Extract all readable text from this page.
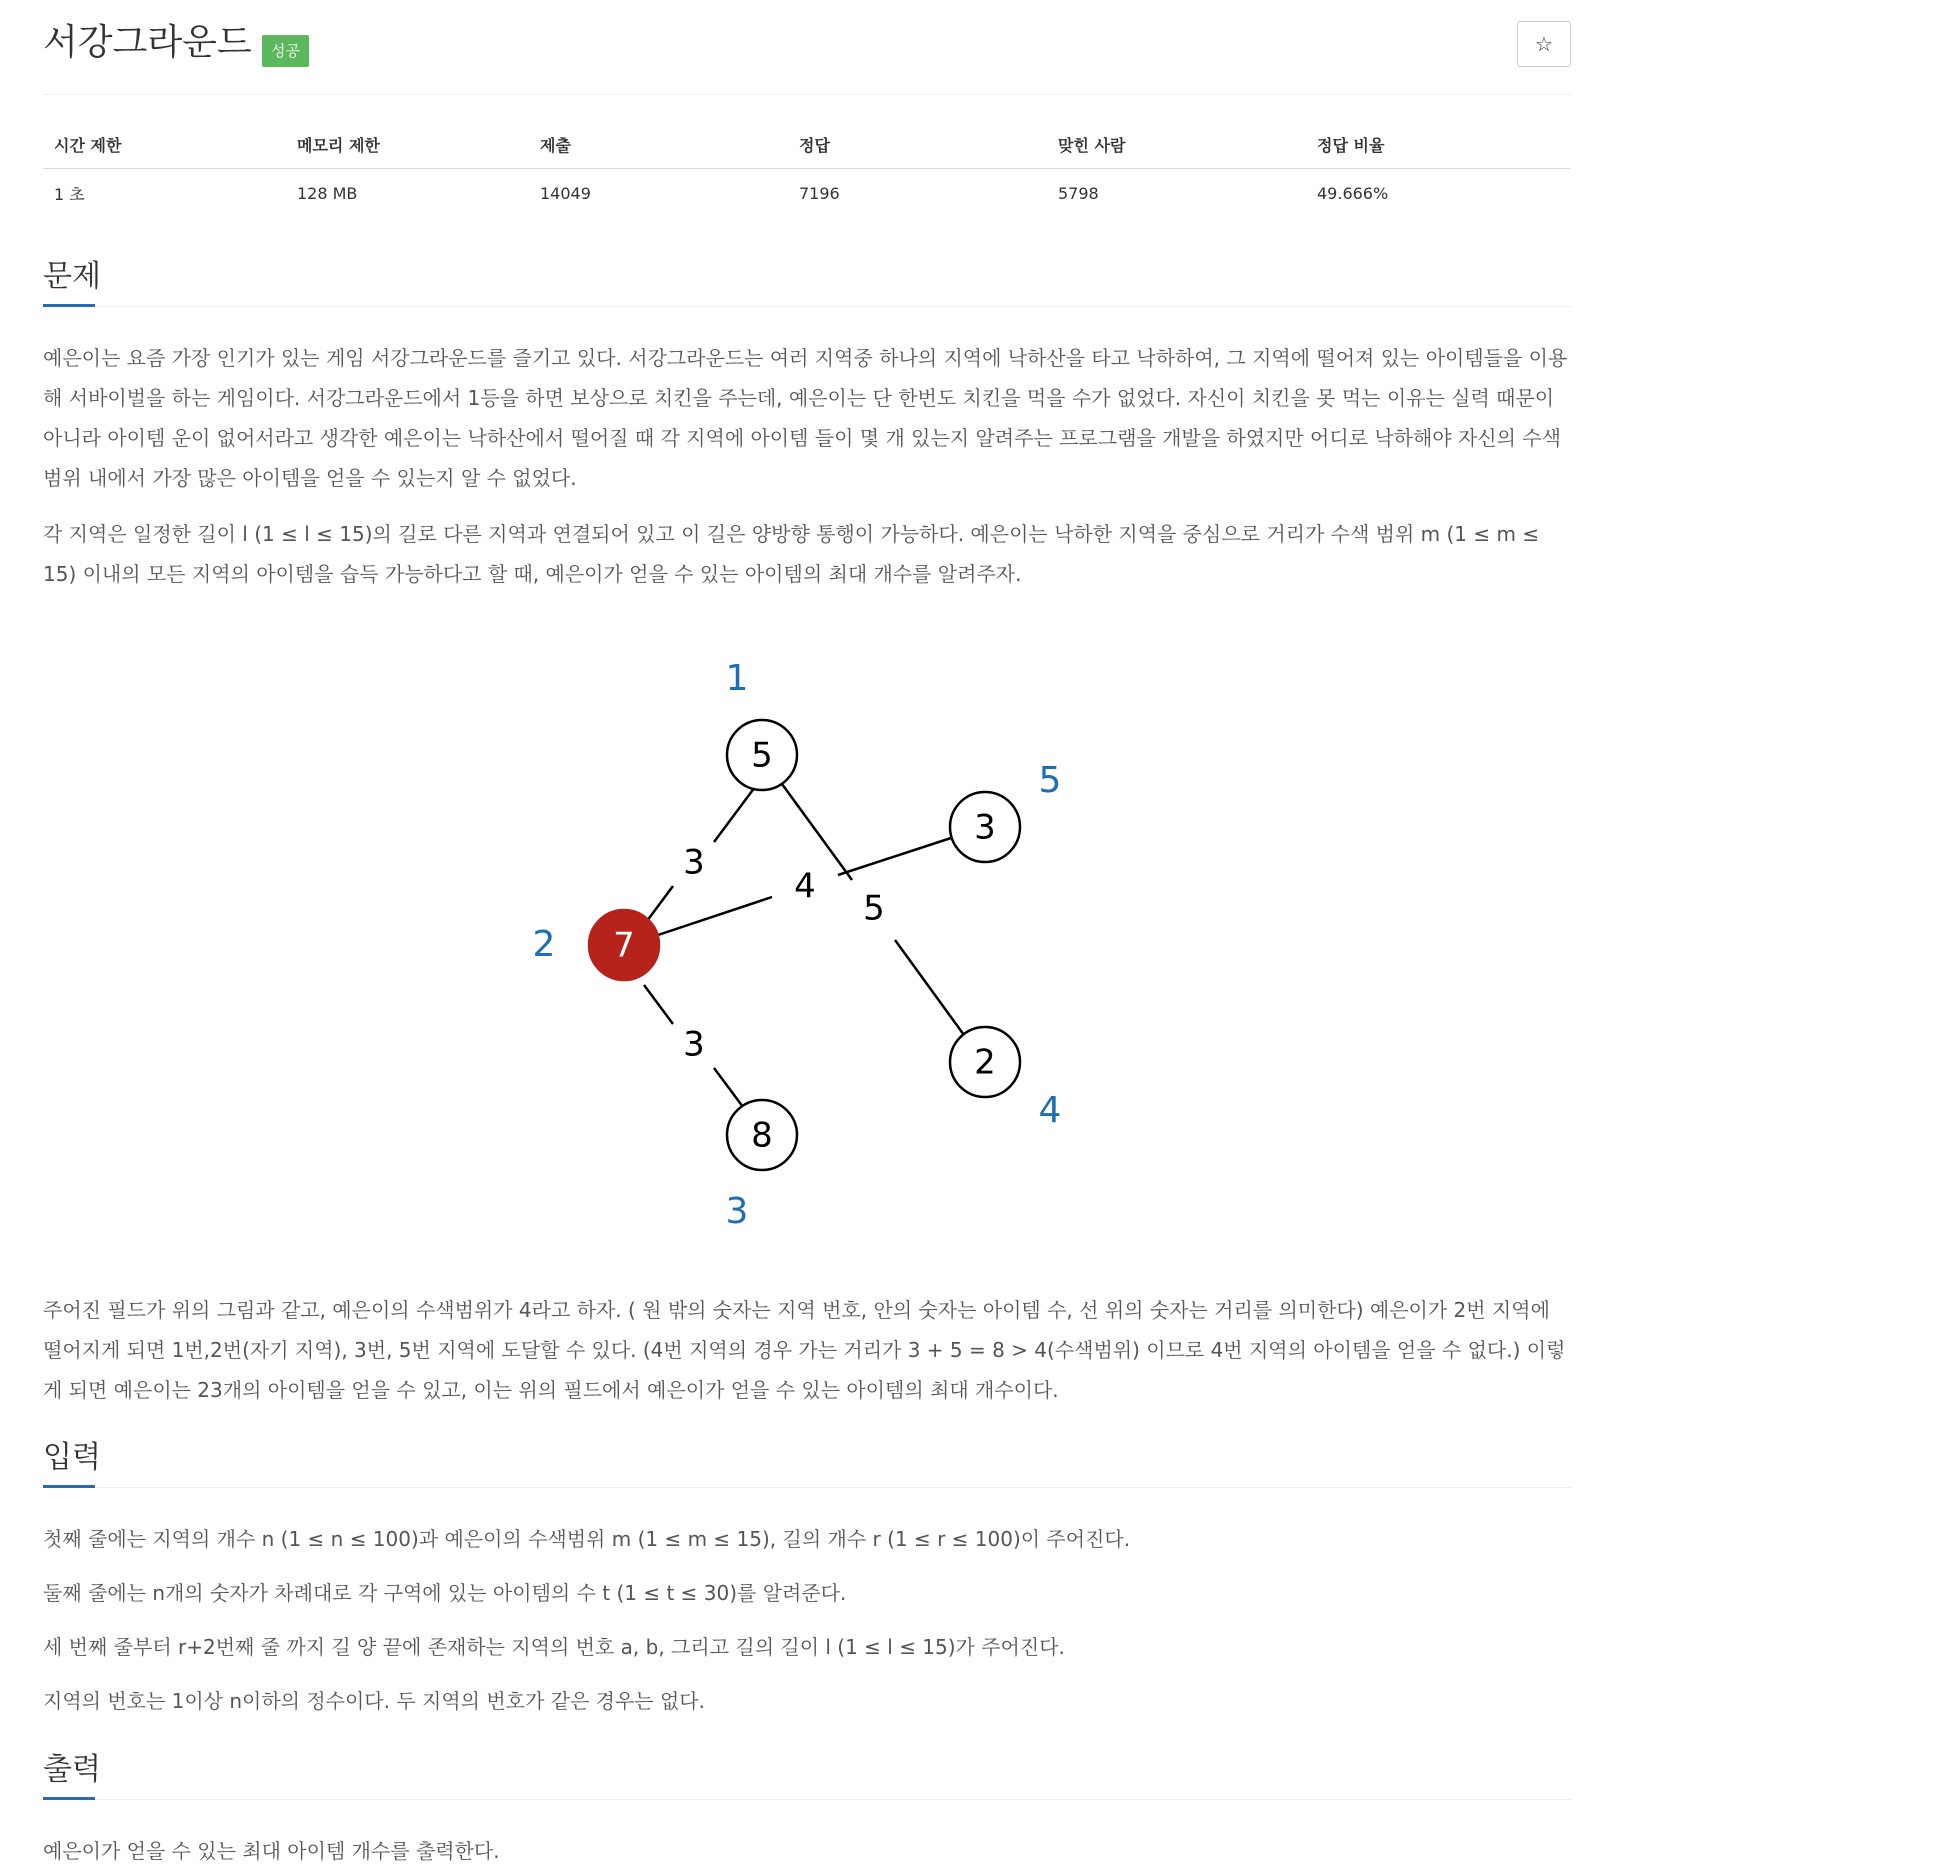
서강그라운드	성공	☆
시간 제한	메모리 제한	제출	정답	맞힌 사람	정답 비율
1 초	128 MB	14049	7196	5798	49.666%
문제
예은이는 요즘 가장 인기가 있는 게임 서강그라운드를 즐기고 있다. 서강그라운드는 여러 지역중 하나의 지역에 낙하산을 타고 낙하하여, 그 지역에 떨어져 있는 아이템들을 이용해 서바이벌을 하는 게임이다. 서강그라운드에서 1등을 하면 보상으로 치킨을 주는데, 예은이는 단 한번도 치킨을 먹을 수가 없었다. 자신이 치킨을 못 먹는 이유는 실력 때문이 아니라 아이템 운이 없어서라고 생각한 예은이는 낙하산에서 떨어질 때 각 지역에 아이템 들이 몇 개 있는지 알려주는 프로그램을 개발을 하였지만 어디로 낙하해야 자신의 수색 범위 내에서 가장 많은 아이템을 얻을 수 있는지 알 수 없었다.
각 지역은 일정한 길이 l (1 ≤ l ≤ 15)의 길로 다른 지역과 연결되어 있고 이 길은 양방향 통행이 가능하다. 예은이는 낙하한 지역을 중심으로 거리가 수색 범위 m (1 ≤ m ≤ 15) 이내의 모든 지역의 아이템을 습득 가능하다고 할 때, 예은이가 얻을 수 있는 아이템의 최대 개수를 알려주자.
주어진 필드가 위의 그림과 같고, 예은이의 수색범위가 4라고 하자. ( 원 밖의 숫자는 지역 번호, 안의 숫자는 아이템 수, 선 위의 숫자는 거리를 의미한다) 예은이가 2번 지역에 떨어지게 되면 1번,2번(자기 지역), 3번, 5번 지역에 도달할 수 있다. (4번 지역의 경우 가는 거리가 3 + 5 = 8 > 4(수색범위) 이므로 4번 지역의 아이템을 얻을 수 없다.) 이렇게 되면 예은이는 23개의 아이템을 얻을 수 있고, 이는 위의 필드에서 예은이가 얻을 수 있는 아이템의 최대 개수이다.
입력
첫째 줄에는 지역의 개수 n (1 ≤ n ≤ 100)과 예은이의 수색범위 m (1 ≤ m ≤ 15), 길의 개수 r (1 ≤ r ≤ 100)이 주어진다.
둘째 줄에는 n개의 숫자가 차례대로 각 구역에 있는 아이템의 수 t (1 ≤ t ≤ 30)를 알려준다.
세 번째 줄부터 r+2번째 줄 까지 길 양 끝에 존재하는 지역의 번호 a, b, 그리고 길의 길이 l (1 ≤ l ≤ 15)가 주어진다.
지역의 번호는 1이상 n이하의 정수이다. 두 지역의 번호가 같은 경우는 없다.
출력
예은이가 얻을 수 있는 최대 아이템 개수를 출력한다.
3
5
4
3
5
3
7
2
8
1
5
2
4
3
